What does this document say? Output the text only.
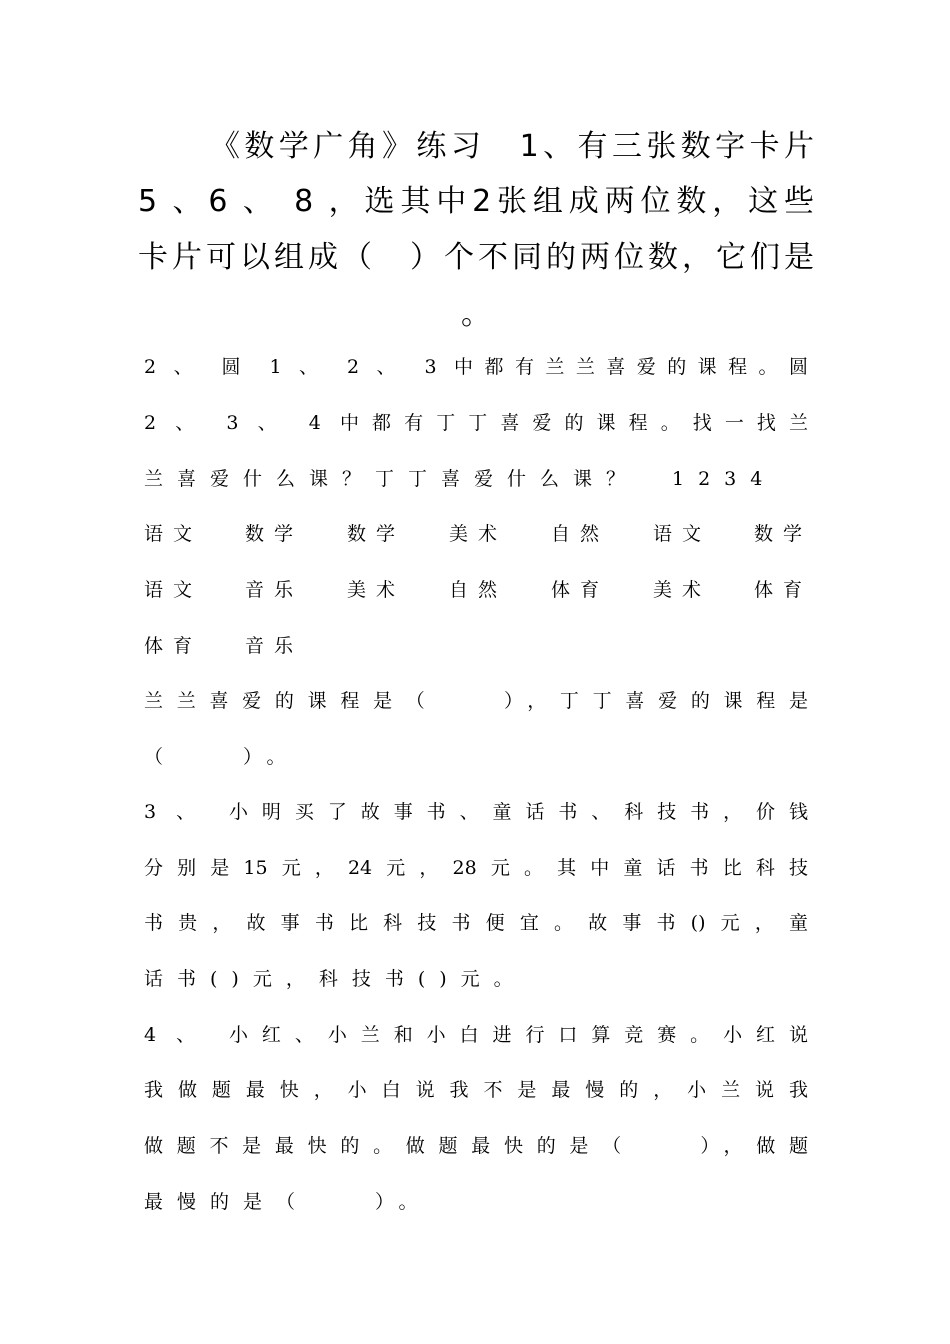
《数学广角》练习　1、有三张数字卡片
5 、6 、 8 ，选其中2张组成两位数，这些
卡片可以组成（　）个不同的两位数，它们是
。
2 、 圆 1 、 2 、 3 中都有兰兰喜爱的课程。圆
2 、 3 、 4 中都有丁丁喜爱的课程。找一找兰
兰喜爱什么课？丁丁喜爱什么课？　1234
语文 数学 数学 美术 自然 语文 数学
语文 音乐 美术 自然 体育 美术 体育
体育 音乐
兰兰喜爱的课程是（　　），丁丁喜爱的课程是
（　　）。
3 、 小明买了故事书、童话书、科技书，价钱
分别是15元，24元，28元。其中童话书比科技
书贵，故事书比科技书便宜。故事书()元，童
话书()元，科技书()元。
4 、 小红、小兰和小白进行口算竞赛。小红说
我做题最快，小白说我不是最慢的，小兰说我
做题不是最快的。做题最快的是（　　），做题
最慢的是（　　）。
